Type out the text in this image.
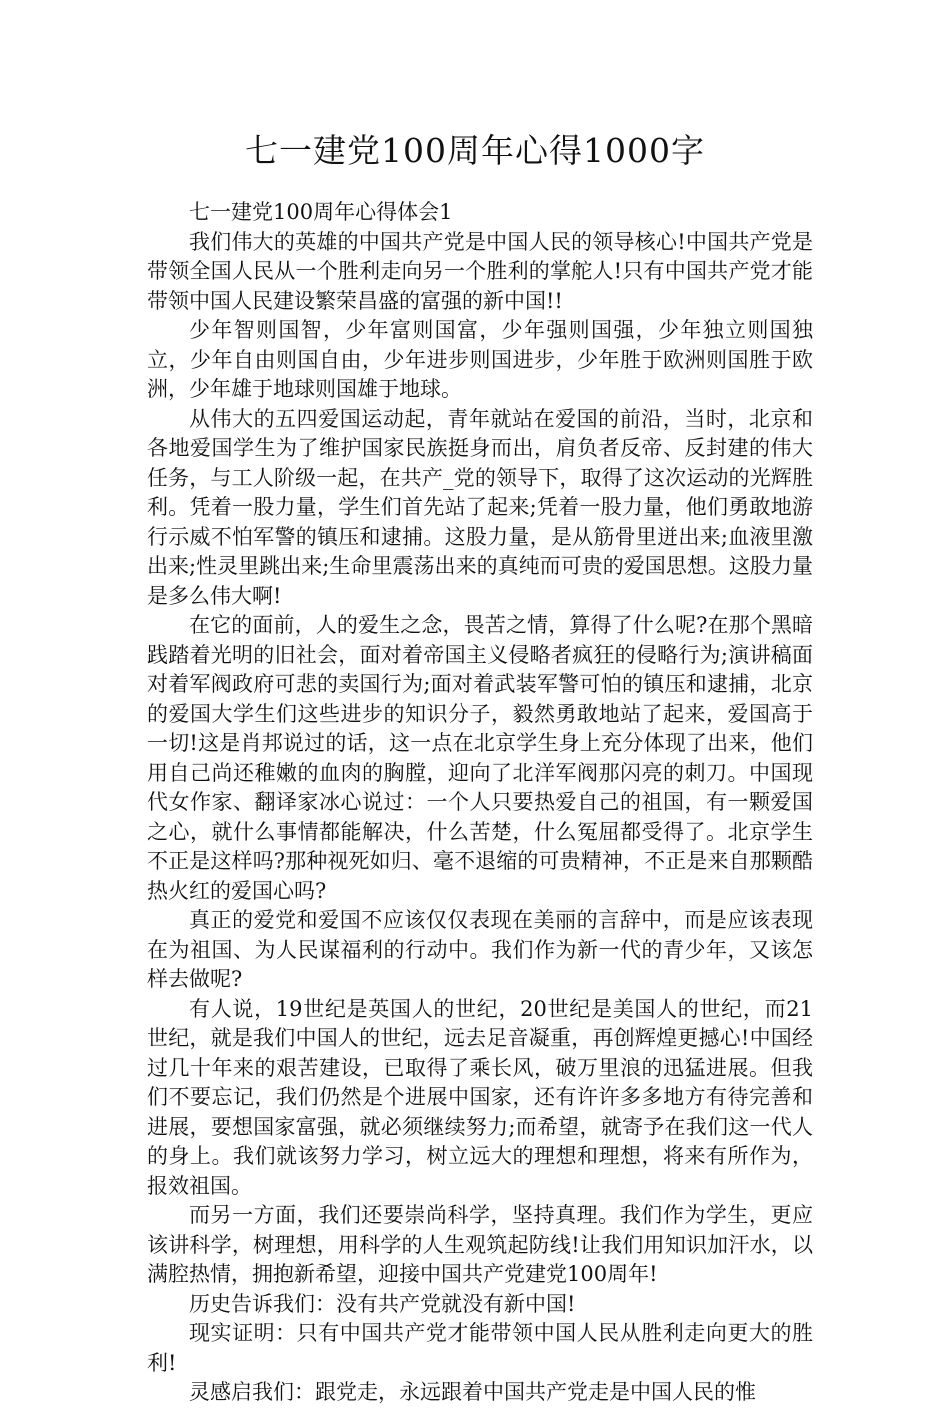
七一建党100周年心得1000字

七一建党100周年心得体会1

我们伟大的英雄的中国共产党是中国人民的领导核心!中国共产党是带领全国人民从一个胜利走向另一个胜利的掌舵人!只有中国共产党才能带领中国人民建设繁荣昌盛的富强的新中国!!

少年智则国智，少年富则国富，少年强则国强，少年独立则国独立，少年自由则国自由，少年进步则国进步，少年胜于欧洲则国胜于欧洲，少年雄于地球则国雄于地球。

从伟大的五四爱国运动起，青年就站在爱国的前沿，当时，北京和各地爱国学生为了维护国家民族挺身而出，肩负者反帝、反封建的伟大任务，与工人阶级一起，在共产_党的领导下，取得了这次运动的光辉胜利。凭着一股力量，学生们首先站了起来;凭着一股力量，他们勇敢地游行示威不怕军警的镇压和逮捕。这股力量，是从筋骨里迸出来;血液里激出来;性灵里跳出来;生命里震荡出来的真纯而可贵的爱国思想。这股力量是多么伟大啊!

在它的面前，人的爱生之念，畏苦之情，算得了什么呢?在那个黑暗践踏着光明的旧社会，面对着帝国主义侵略者疯狂的侵略行为;演讲稿面对着军阀政府可悲的卖国行为;面对着武装军警可怕的镇压和逮捕，北京的爱国大学生们这些进步的知识分子，毅然勇敢地站了起来，爱国高于一切!这是肖邦说过的话，这一点在北京学生身上充分体现了出来，他们用自己尚还稚嫩的血肉的胸膛，迎向了北洋军阀那闪亮的刺刀。中国现代女作家、翻译家冰心说过：一个人只要热爱自己的祖国，有一颗爱国之心，就什么事情都能解决，什么苦楚，什么冤屈都受得了。北京学生不正是这样吗?那种视死如归、毫不退缩的可贵精神，不正是来自那颗酷热火红的爱国心吗?

真正的爱党和爱国不应该仅仅表现在美丽的言辞中，而是应该表现在为祖国、为人民谋福利的行动中。我们作为新一代的青少年，又该怎样去做呢?

有人说，19世纪是英国人的世纪，20世纪是美国人的世纪，而21世纪，就是我们中国人的世纪，远去足音凝重，再创辉煌更撼心!中国经过几十年来的艰苦建设，已取得了乘长风，破万里浪的迅猛进展。但我们不要忘记，我们仍然是个进展中国家，还有许许多多地方有待完善和进展，要想国家富强，就必须继续努力;而希望，就寄予在我们这一代人的身上。我们就该努力学习，树立远大的理想和理想，将来有所作为，报效祖国。

而另一方面，我们还要崇尚科学，坚持真理。我们作为学生，更应该讲科学，树理想，用科学的人生观筑起防线!让我们用知识加汗水，以满腔热情，拥抱新希望，迎接中国共产党建党100周年!

历史告诉我们：没有共产党就没有新中国!

现实证明：只有中国共产党才能带领中国人民从胜利走向更大的胜利!

灵感启我们：跟党走，永远跟着中国共产党走是中国人民的惟
